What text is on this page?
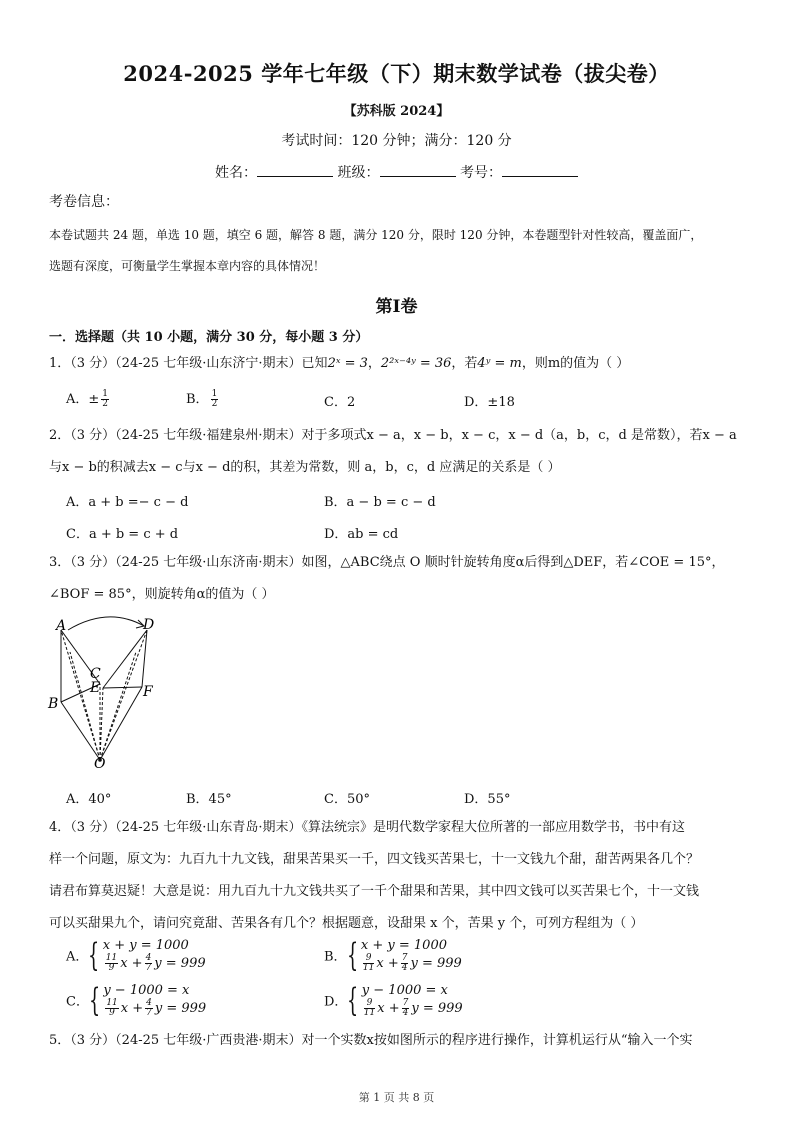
2024-2025 学年七年级（下）期末数学试卷（拔尖卷）
【苏科版 2024】
考试时间：120 分钟；满分：120 分
姓名：	班级：	考号：
考卷信息：
本卷试题共 24 题，单选 10 题，填空 6 题，解答 8 题，满分 120 分，限时 120 分钟，本卷题型针对性较高，覆盖面广，
选题有深度，可衡量学生掌握本章内容的具体情况！
第Ⅰ卷
一．选择题（共 10 小题，满分 30 分，每小题 3 分）
1．（3 分）（24-25 七年级·山东济宁·期末）已知2ˣ = 3，2²ˣ⁻⁴ʸ = 36，若4ʸ = m，则m的值为（ ）
A．± $\frac{1}{2}$	B． $\frac{1}{2}$	C．2	D．±18
2．（3 分）（24-25 七年级·福建泉州·期末）对于多项式x − a，x − b，x − c，x − d（a，b，c，d 是常数），若x − a
与x − b的积减去x − c与x − d的积，其差为常数，则 a，b，c，d 应满足的关系是（ ）
A．a + b =− c − d	B．a − b = c − d
C．a + b = c + d	D．ab = cd
3．（3 分）（24-25 七年级·山东济南·期末）如图，△ABC绕点 O 顺时针旋转角度α后得到△DEF，若∠COE = 15°，
∠BOF = 85°，则旋转角α的值为（ ）
A	D
C
E	F
B
O
A．40°	B．45°	C．50°	D．55°
4．（3 分）（24-25 七年级·山东青岛·期末）《算法统宗》是明代数学家程大位所著的一部应用数学书，书中有这
样一个问题，原文为：九百九十九文钱，甜果苦果买一千，四文钱买苦果七，十一文钱九个甜，甜苦两果各几个？
请君布算莫迟疑！大意是说：用九百九十九文钱共买了一千个甜果和苦果，其中四文钱可以买苦果七个，十一文钱
可以买甜果九个，请问究竟甜、苦果各有几个？根据题意，设甜果 x 个，苦果 y 个，可列方程组为（ ）
A．{ x + y = 1000
$\frac{11}{9}$ $x + \frac{4}{7}$ y = 999	B．{ x + y = 1000
$\frac{9}{11}$ $x + \frac{7}{4}$ y = 999
C．{ y − 1000 = x
$\frac{11}{9}$ $x + \frac{4}{7}$ y = 999	D．{ y − 1000 = x
$\frac{9}{11}$ $x + \frac{7}{4}$ y = 999
5．（3 分）（24-25 七年级·广西贵港·期末）对一个实数x按如图所示的程序进行操作，计算机运行从“输入一个实
第 1 页 共 8 页
